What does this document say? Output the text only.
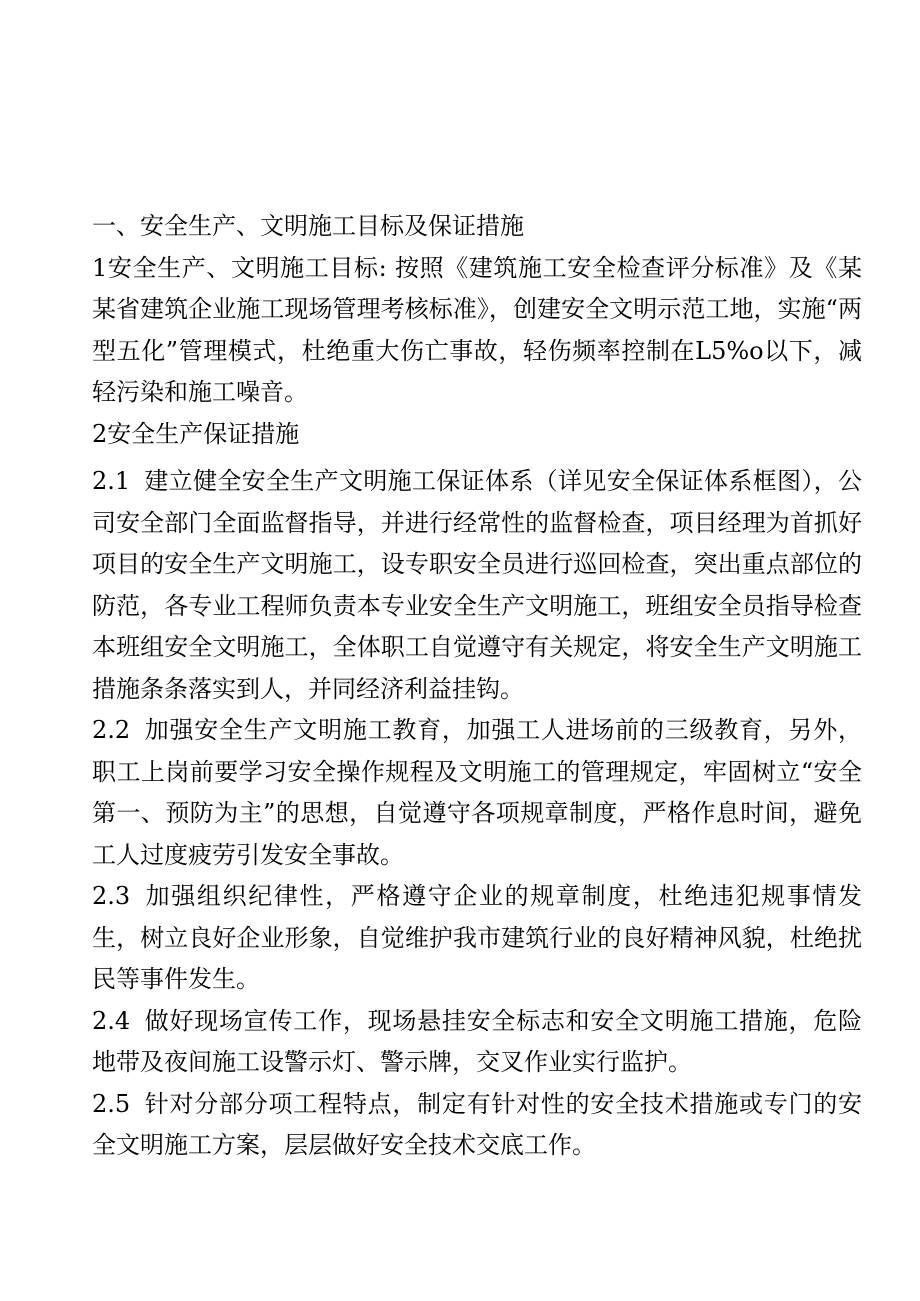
一、安全生产、文明施工目标及保证措施

1安全生产、文明施工目标: 按照《建筑施工安全检查评分标准》及《某某省建筑企业施工现场管理考核标准》，创建安全文明示范工地，实施“两型五化”管理模式，杜绝重大伤亡事故，轻伤频率控制在L5%o以下，减轻污染和施工噪音。

2安全生产保证措施

2.1 建立健全安全生产文明施工保证体系（详见安全保证体系框图），公司安全部门全面监督指导，并进行经常性的监督检查，项目经理为首抓好项目的安全生产文明施工，设专职安全员进行巡回检查，突出重点部位的防范，各专业工程师负责本专业安全生产文明施工，班组安全员指导检查本班组安全文明施工，全体职工自觉遵守有关规定，将安全生产文明施工措施条条落实到人，并同经济利益挂钩。

2.2 加强安全生产文明施工教育，加强工人进场前的三级教育，另外，职工上岗前要学习安全操作规程及文明施工的管理规定，牢固树立“安全第一、预防为主”的思想，自觉遵守各项规章制度，严格作息时间，避免工人过度疲劳引发安全事故。

2.3 加强组织纪律性，严格遵守企业的规章制度，杜绝违犯规事情发生，树立良好企业形象，自觉维护我市建筑行业的良好精神风貌，杜绝扰民等事件发生。

2.4 做好现场宣传工作，现场悬挂安全标志和安全文明施工措施，危险地带及夜间施工设警示灯、警示牌，交叉作业实行监护。

2.5 针对分部分项工程特点，制定有针对性的安全技术措施或专门的安全文明施工方案，层层做好安全技术交底工作。
